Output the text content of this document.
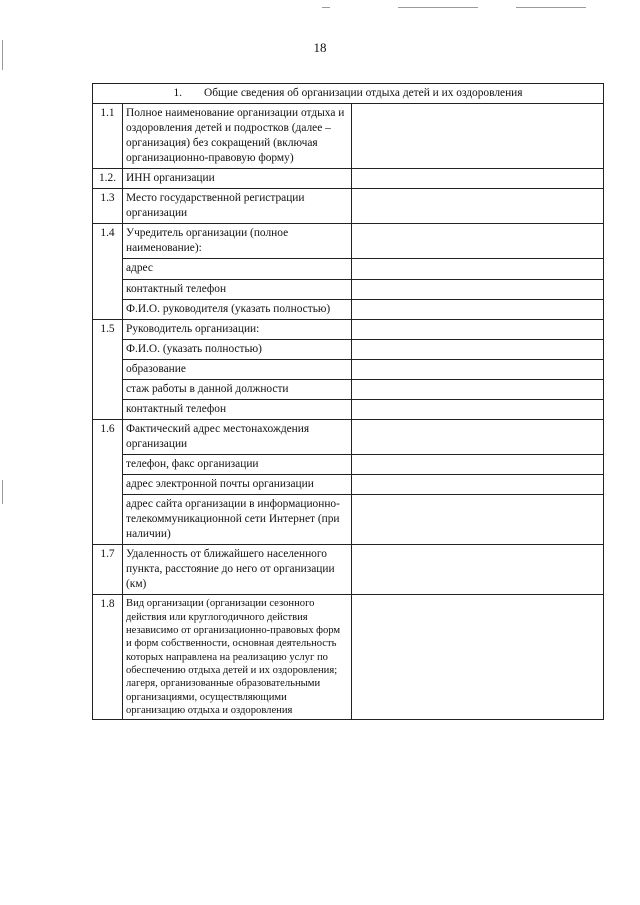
18
1. Общие сведения об организации отдыха детей и их оздоровления		
1.1	Полное наименование организации отдыха и оздоровления детей и подростков (далее – организация) без сокращений (включая организационно-правовую форму)	
1.2.	ИНН организации	
1.3	Место государственной регистрации организации	
1.4	Учредитель организации (полное наименование):	
	адрес	
	контактный телефон	
	Ф.И.О. руководителя (указать полностью)	
1.5	Руководитель организации:	
	Ф.И.О. (указать полностью)	
	образование	
	стаж работы в данной должности	
	контактный телефон	
1.6	Фактический адрес местонахождения организации	
	телефон, факс организации	
	адрес электронной почты организации	
	адрес сайта организации в информационно-телекоммуникационной сети Интернет (при наличии)	
1.7	Удаленность от ближайшего населенного пункта, расстояние до него от организации (км)	
1.8	Вид организации (организации сезонного действия или круглогодичного действия независимо от организационно-правовых форм и форм собственности, основная деятельность которых направлена на реализацию услуг по обеспечению отдыха детей и их оздоровления; лагеря, организованные образовательными организациями, осуществляющими организацию отдыха и оздоровления	
